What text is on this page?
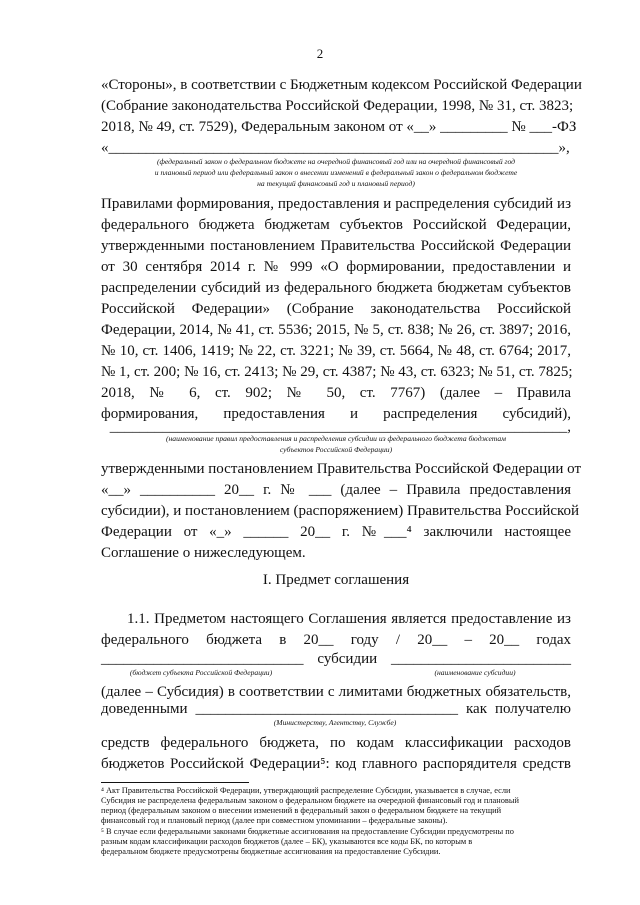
2
«Стороны», в соответствии с Бюджетным кодексом Российской Федерации
(Собрание законодательства Российской Федерации, 1998, № 31, ст. 3823;
2018, № 49, ст. 7529), Федеральным законом от «__» _________ № ___-ФЗ
«____________________________________________________________»,
(федеральный закон о федеральном бюджете на очередной финансовый год или на очередной финансовый год
и плановый период или федеральный закон о внесении изменений в федеральный закон о федеральном бюджете
на текущий финансовый год и плановый период)
Правилами формирования, предоставления и распределения субсидий из
федерального бюджета бюджетам субъектов Российской Федерации,
утвержденными постановлением Правительства Российской Федерации
от 30 сентября 2014 г. № 999 «О формировании, предоставлении и
распределении субсидий из федерального бюджета бюджетам субъектов
Российской Федерации» (Собрание законодательства Российской
Федерации, 2014, № 41, ст. 5536; 2015, № 5, ст. 838; № 26, ст. 3897; 2016,
№ 10, ст. 1406, 1419; № 22, ст. 3221; № 39, ст. 5664, № 48, ст. 6764; 2017,
№ 1, ст. 200; № 16, ст. 2413; № 29, ст. 4387; № 43, ст. 6323; № 51, ст. 7825;
2018, № 6, ст. 902; № 50, ст. 7767) (далее – Правила
формирования, предоставления и распределения субсидий),
_____________________________________________________________,
(наименование правил предоставления и распределения субсидии из федерального бюджета бюджетам
субъектов Российской Федерации)
утвержденными постановлением Правительства Российской Федерации от
«__» __________ 20__ г. № ___ (далее – Правила предоставления
субсидии), и постановлением (распоряжением) Правительства Российской
Федерации от «_» ______ 20__ г. №___⁴ заключили настоящее
Соглашение о нижеследующем.
I. Предмет соглашения
1.1. Предметом настоящего Соглашения является предоставление из
федерального бюджета в 20__ году / 20__ – 20__ годах
___________________________ субсидии ________________________
(бюджет субъекта Российской Федерации)	(наименование субсидии)
(далее – Субсидия) в соответствии с лимитами бюджетных обязательств,
доведенными ___________________________________ как получателю
(Министерству, Агентству, Службе)
средств федерального бюджета, по кодам классификации расходов
бюджетов Российской Федерации⁵: код главного распорядителя средств
⁴ Акт Правительства Российской Федерации, утверждающий распределение Субсидии, указывается в случае, если
Субсидия не распределена федеральным законом о федеральном бюджете на очередной финансовый год и плановый
период (федеральным законом о внесении изменений в федеральный закон о федеральном бюджете на текущий
финансовый год и плановый период (далее при совместном упоминании – федеральные законы).
⁵ В случае если федеральными законами бюджетные ассигнования на предоставление Субсидии предусмотрены по
разным кодам классификации расходов бюджетов (далее – БК), указываются все коды БК, по которым в
федеральном бюджете предусмотрены бюджетные ассигнования на предоставление Субсидии.
